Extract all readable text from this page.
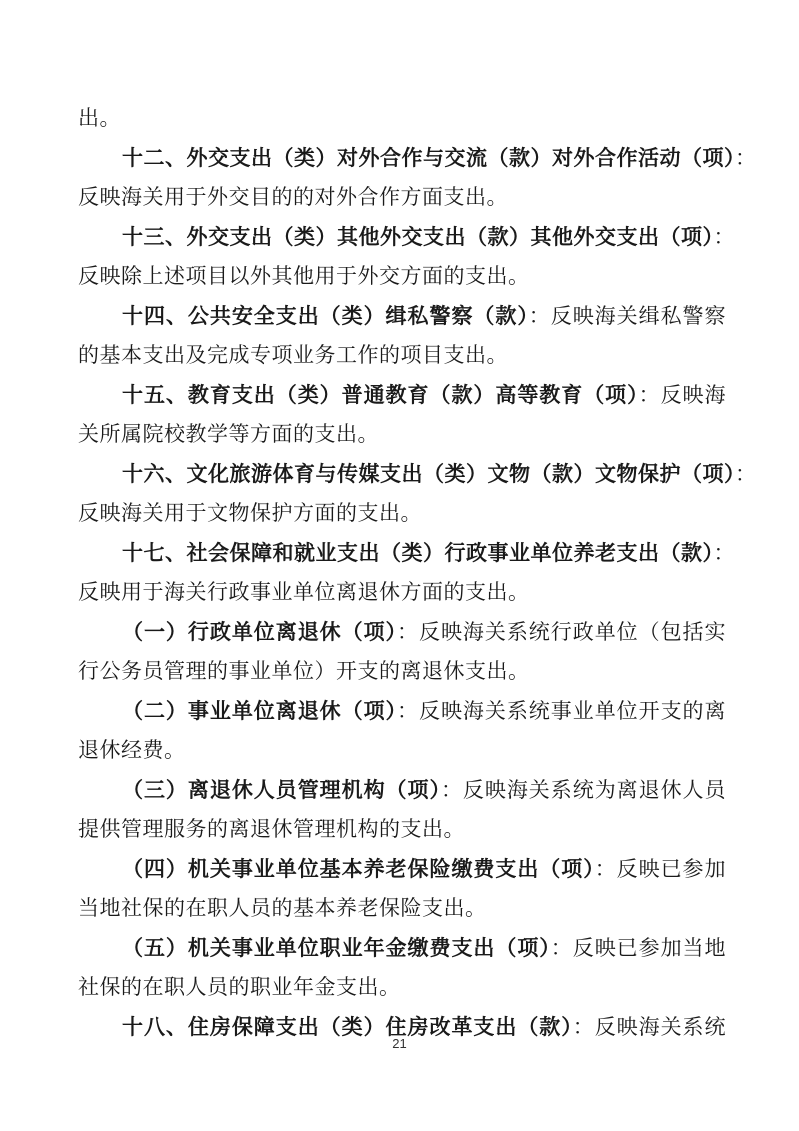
出。
十二、外交支出（类）对外合作与交流（款）对外合作活动（项）：
反映海关用于外交目的的对外合作方面支出。
十三、外交支出（类）其他外交支出（款）其他外交支出（项）：
反映除上述项目以外其他用于外交方面的支出。
十四、公共安全支出（类）缉私警察（款）：反映海关缉私警察
的基本支出及完成专项业务工作的项目支出。
十五、教育支出（类）普通教育（款）高等教育（项）：反映海
关所属院校教学等方面的支出。
十六、文化旅游体育与传媒支出（类）文物（款）文物保护（项）：
反映海关用于文物保护方面的支出。
十七、社会保障和就业支出（类）行政事业单位养老支出（款）：
反映用于海关行政事业单位离退休方面的支出。
（一）行政单位离退休（项）：反映海关系统行政单位（包括实
行公务员管理的事业单位）开支的离退休支出。
（二）事业单位离退休（项）：反映海关系统事业单位开支的离
退休经费。
（三）离退休人员管理机构（项）：反映海关系统为离退休人员
提供管理服务的离退休管理机构的支出。
（四）机关事业单位基本养老保险缴费支出（项）：反映已参加
当地社保的在职人员的基本养老保险支出。
（五）机关事业单位职业年金缴费支出（项）：反映已参加当地
社保的在职人员的职业年金支出。
十八、住房保障支出（类）住房改革支出（款）：反映海关系统
21
